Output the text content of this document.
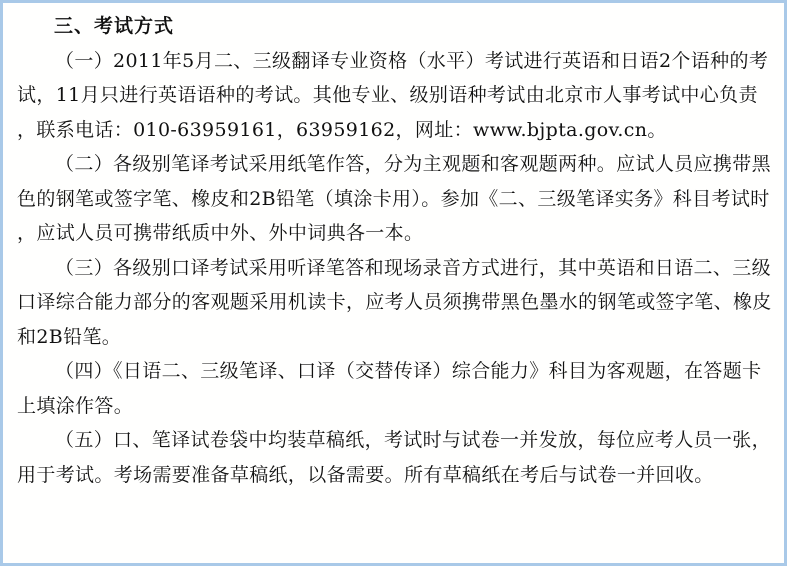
三、考试方式

（一）2011年5月二、三级翻译专业资格（水平）考试进行英语和日语2个语种的考试，11月只进行英语语种的考试。其他专业、级别语种考试由北京市人事考试中心负责，联系电话：010-63959161，63959162，网址：www.bjpta.gov.cn。

（二）各级别笔译考试采用纸笔作答，分为主观题和客观题两种。应试人员应携带黑色的钢笔或签字笔、橡皮和2B铅笔（填涂卡用）。参加《二、三级笔译实务》科目考试时，应试人员可携带纸质中外、外中词典各一本。

（三）各级别口译考试采用听译笔答和现场录音方式进行，其中英语和日语二、三级口译综合能力部分的客观题采用机读卡，应考人员须携带黑色墨水的钢笔或签字笔、橡皮和2B铅笔。

（四）《日语二、三级笔译、口译（交替传译）综合能力》科目为客观题，在答题卡上填涂作答。

（五）口、笔译试卷袋中均装草稿纸，考试时与试卷一并发放，每位应考人员一张，用于考试。考场需要准备草稿纸，以备需要。所有草稿纸在考后与试卷一并回收。
